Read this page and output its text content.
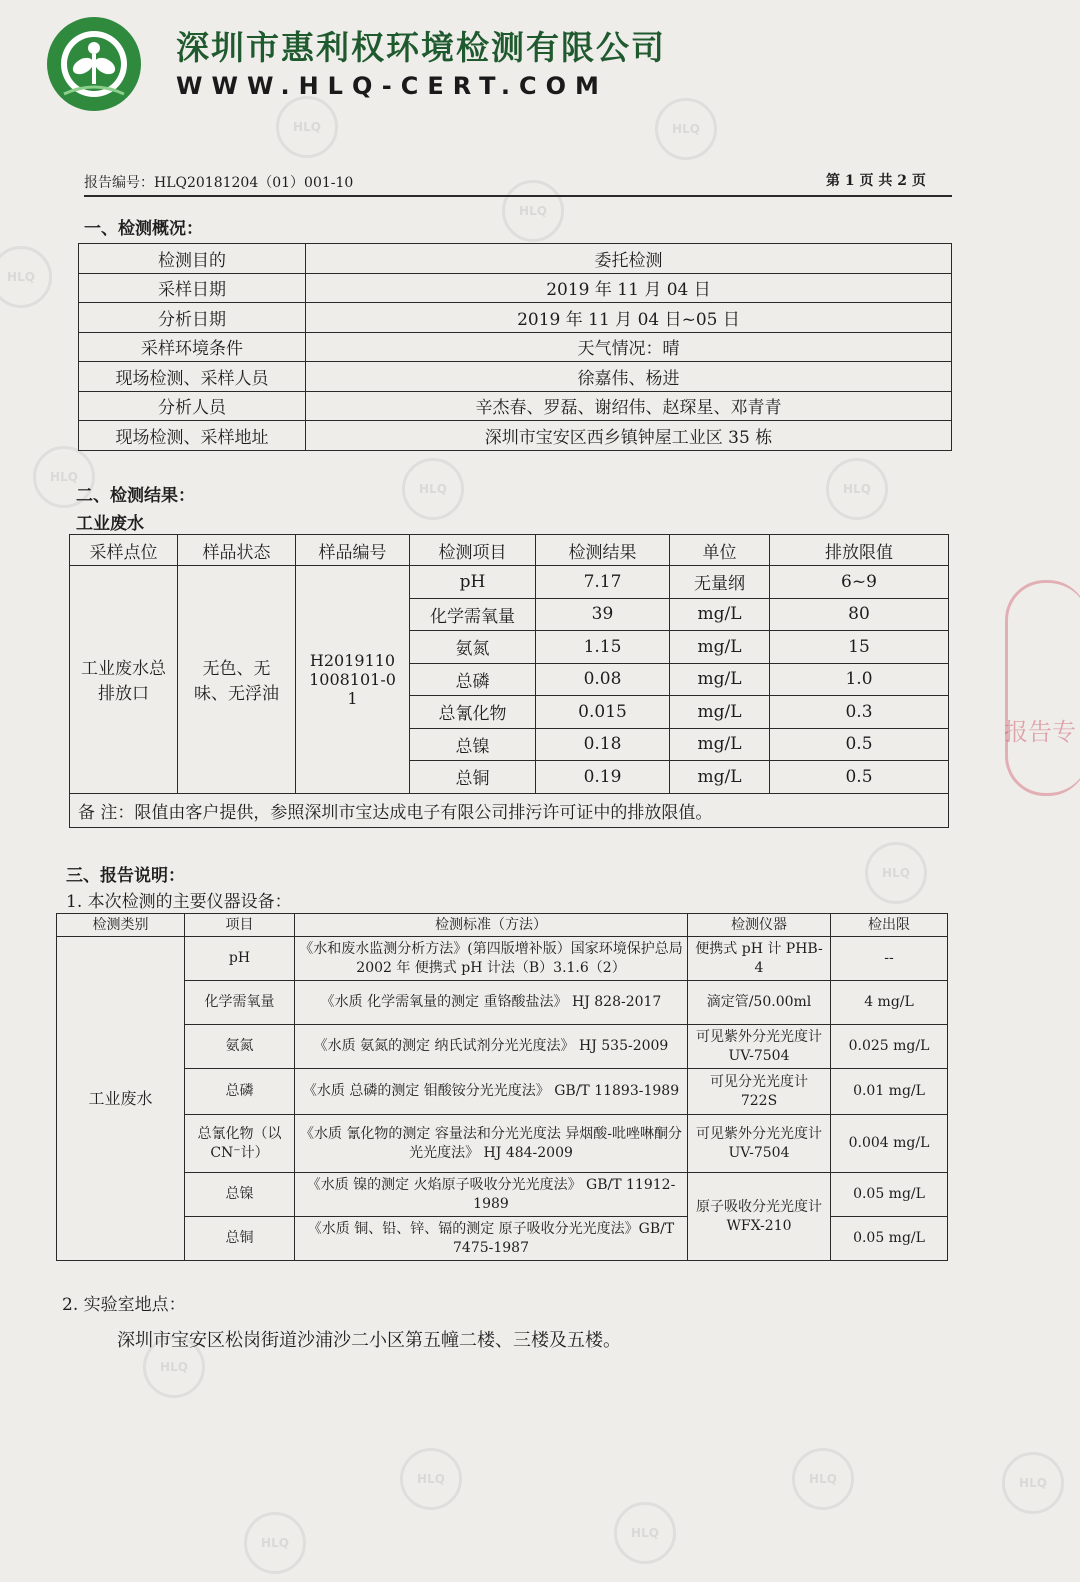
HLQ	HLQ
HLQ
HLQ
HLQ	HLQ
HLQ
HLQ
HLQ
HLQ	HLQ
HLQ
HLQ
HLQ
报告专
深圳市惠利权环境检测有限公司
WWW.HLQ-CERT.COM
报告编号：HLQ20181204（01）001-10	第 1 页 共 2 页
一、检测概况：
检测目的	委托检测
采样日期	2019 年 11 月 04 日
分析日期	2019 年 11 月 04 日~05 日
采样环境条件	天气情况：晴
现场检测、采样人员	徐嘉伟、杨进
分析人员	辛杰春、罗磊、谢绍伟、赵琛星、邓青青
现场检测、采样地址	深圳市宝安区西乡镇钟屋工业区 35 栋
二、检测结果：
工业废水
采样点位	样品状态	样品编号	检测项目	检测结果	单位	排放限值
工业废水总排放口	无色、无味、无浮油	H20191101008101-01	pH	7.17	无量纲	6~9
			化学需氧量	39	mg/L	80
			氨氮	1.15	mg/L	15
			总磷	0.08	mg/L	1.0
			总氰化物	0.015	mg/L	0.3
			总镍	0.18	mg/L	0.5
			总铜	0.19	mg/L	0.5
备 注：限值由客户提供，参照深圳市宝达成电子有限公司排污许可证中的排放限值。						
三、报告说明：
1. 本次检测的主要仪器设备：
检测类别	项目	检测标准（方法）	检测仪器	检出限
工业废水	pH	《水和废水监测分析方法》(第四版增补版）国家环境保护总局 2002 年 便携式 pH 计法（B）3.1.6（2）	便携式 pH 计 PHB-4	--
	化学需氧量	《水质 化学需氧量的测定 重铬酸盐法》 HJ 828-2017	滴定管/50.00ml	4 mg/L
	氨氮	《水质 氨氮的测定 纳氏试剂分光光度法》 HJ 535-2009	可见紫外分光光度计 UV-7504	0.025 mg/L
	总磷	《水质 总磷的测定 钼酸铵分光光度法》 GB/T 11893-1989	可见分光光度计 722S	0.01 mg/L
	总氰化物（以 CN⁻计）	《水质 氰化物的测定 容量法和分光光度法 异烟酸-吡唑啉酮分光光度法》 HJ 484-2009	可见紫外分光光度计 UV-7504	0.004 mg/L
	总镍	《水质 镍的测定 火焰原子吸收分光光度法》 GB/T 11912-1989	原子吸收分光光度计 WFX-210	0.05 mg/L
	总铜	《水质 铜、铅、锌、镉的测定 原子吸收分光光度法》GB/T 7475-1987		0.05 mg/L
2. 实验室地点：
深圳市宝安区松岗街道沙浦沙二小区第五幢二楼、三楼及五楼。
